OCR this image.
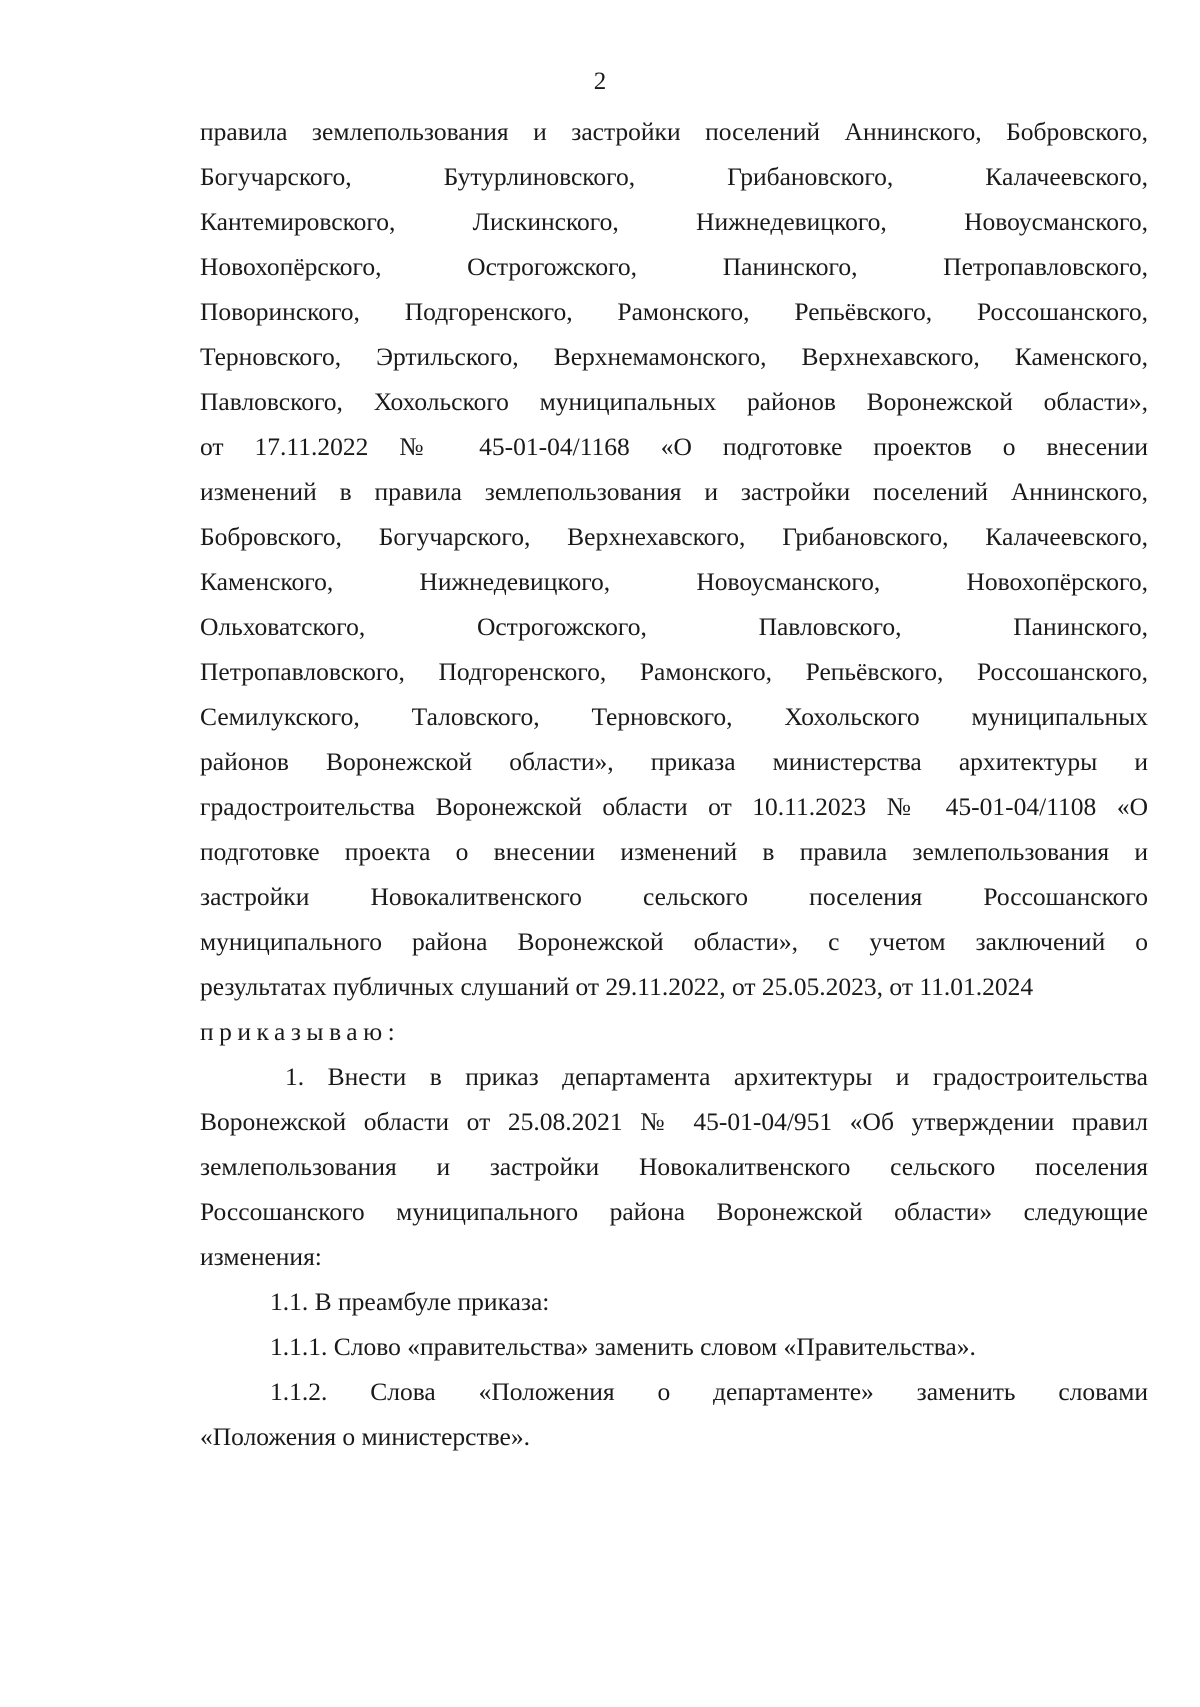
2
правила землепользования и застройки поселений Аннинского, Бобровского,
Богучарского, Бутурлиновского, Грибановского, Калачеевского,
Кантемировского, Лискинского, Нижнедевицкого, Новоусманского,
Новохопёрского, Острогожского, Панинского, Петропавловского,
Поворинского, Подгоренского, Рамонского, Репьёвского, Россошанского,
Терновского, Эртильского, Верхнемамонского, Верхнехавского, Каменского,
Павловского, Хохольского муниципальных районов Воронежской области»,
от 17.11.2022 № 45-01-04/1168 «О подготовке проектов о внесении
изменений в правила землепользования и застройки поселений Аннинского,
Бобровского, Богучарского, Верхнехавского, Грибановского, Калачеевского,
Каменского, Нижнедевицкого, Новоусманского, Новохопёрского,
Ольховатского, Острогожского, Павловского, Панинского,
Петропавловского, Подгоренского, Рамонского, Репьёвского, Россошанского,
Семилукского, Таловского, Терновского, Хохольского муниципальных
районов Воронежской области», приказа министерства архитектуры и
градостроительства Воронежской области от 10.11.2023 № 45-01-04/1108 «О
подготовке проекта о внесении изменений в правила землепользования и
застройки Новокалитвенского сельского поселения Россошанского
муниципального района Воронежской области», с учетом заключений о
результатах публичных слушаний от 29.11.2022, от 25.05.2023, от 11.01.2024
приказываю:
1. Внести в приказ департамента архитектуры и градостроительства
Воронежской области от 25.08.2021 № 45-01-04/951 «Об утверждении правил
землепользования и застройки Новокалитвенского сельского поселения
Россошанского муниципального района Воронежской области» следующие
изменения:
1.1. В преамбуле приказа:
1.1.1. Слово «правительства» заменить словом «Правительства».
1.1.2. Слова «Положения о департаменте» заменить словами
«Положения о министерстве».
